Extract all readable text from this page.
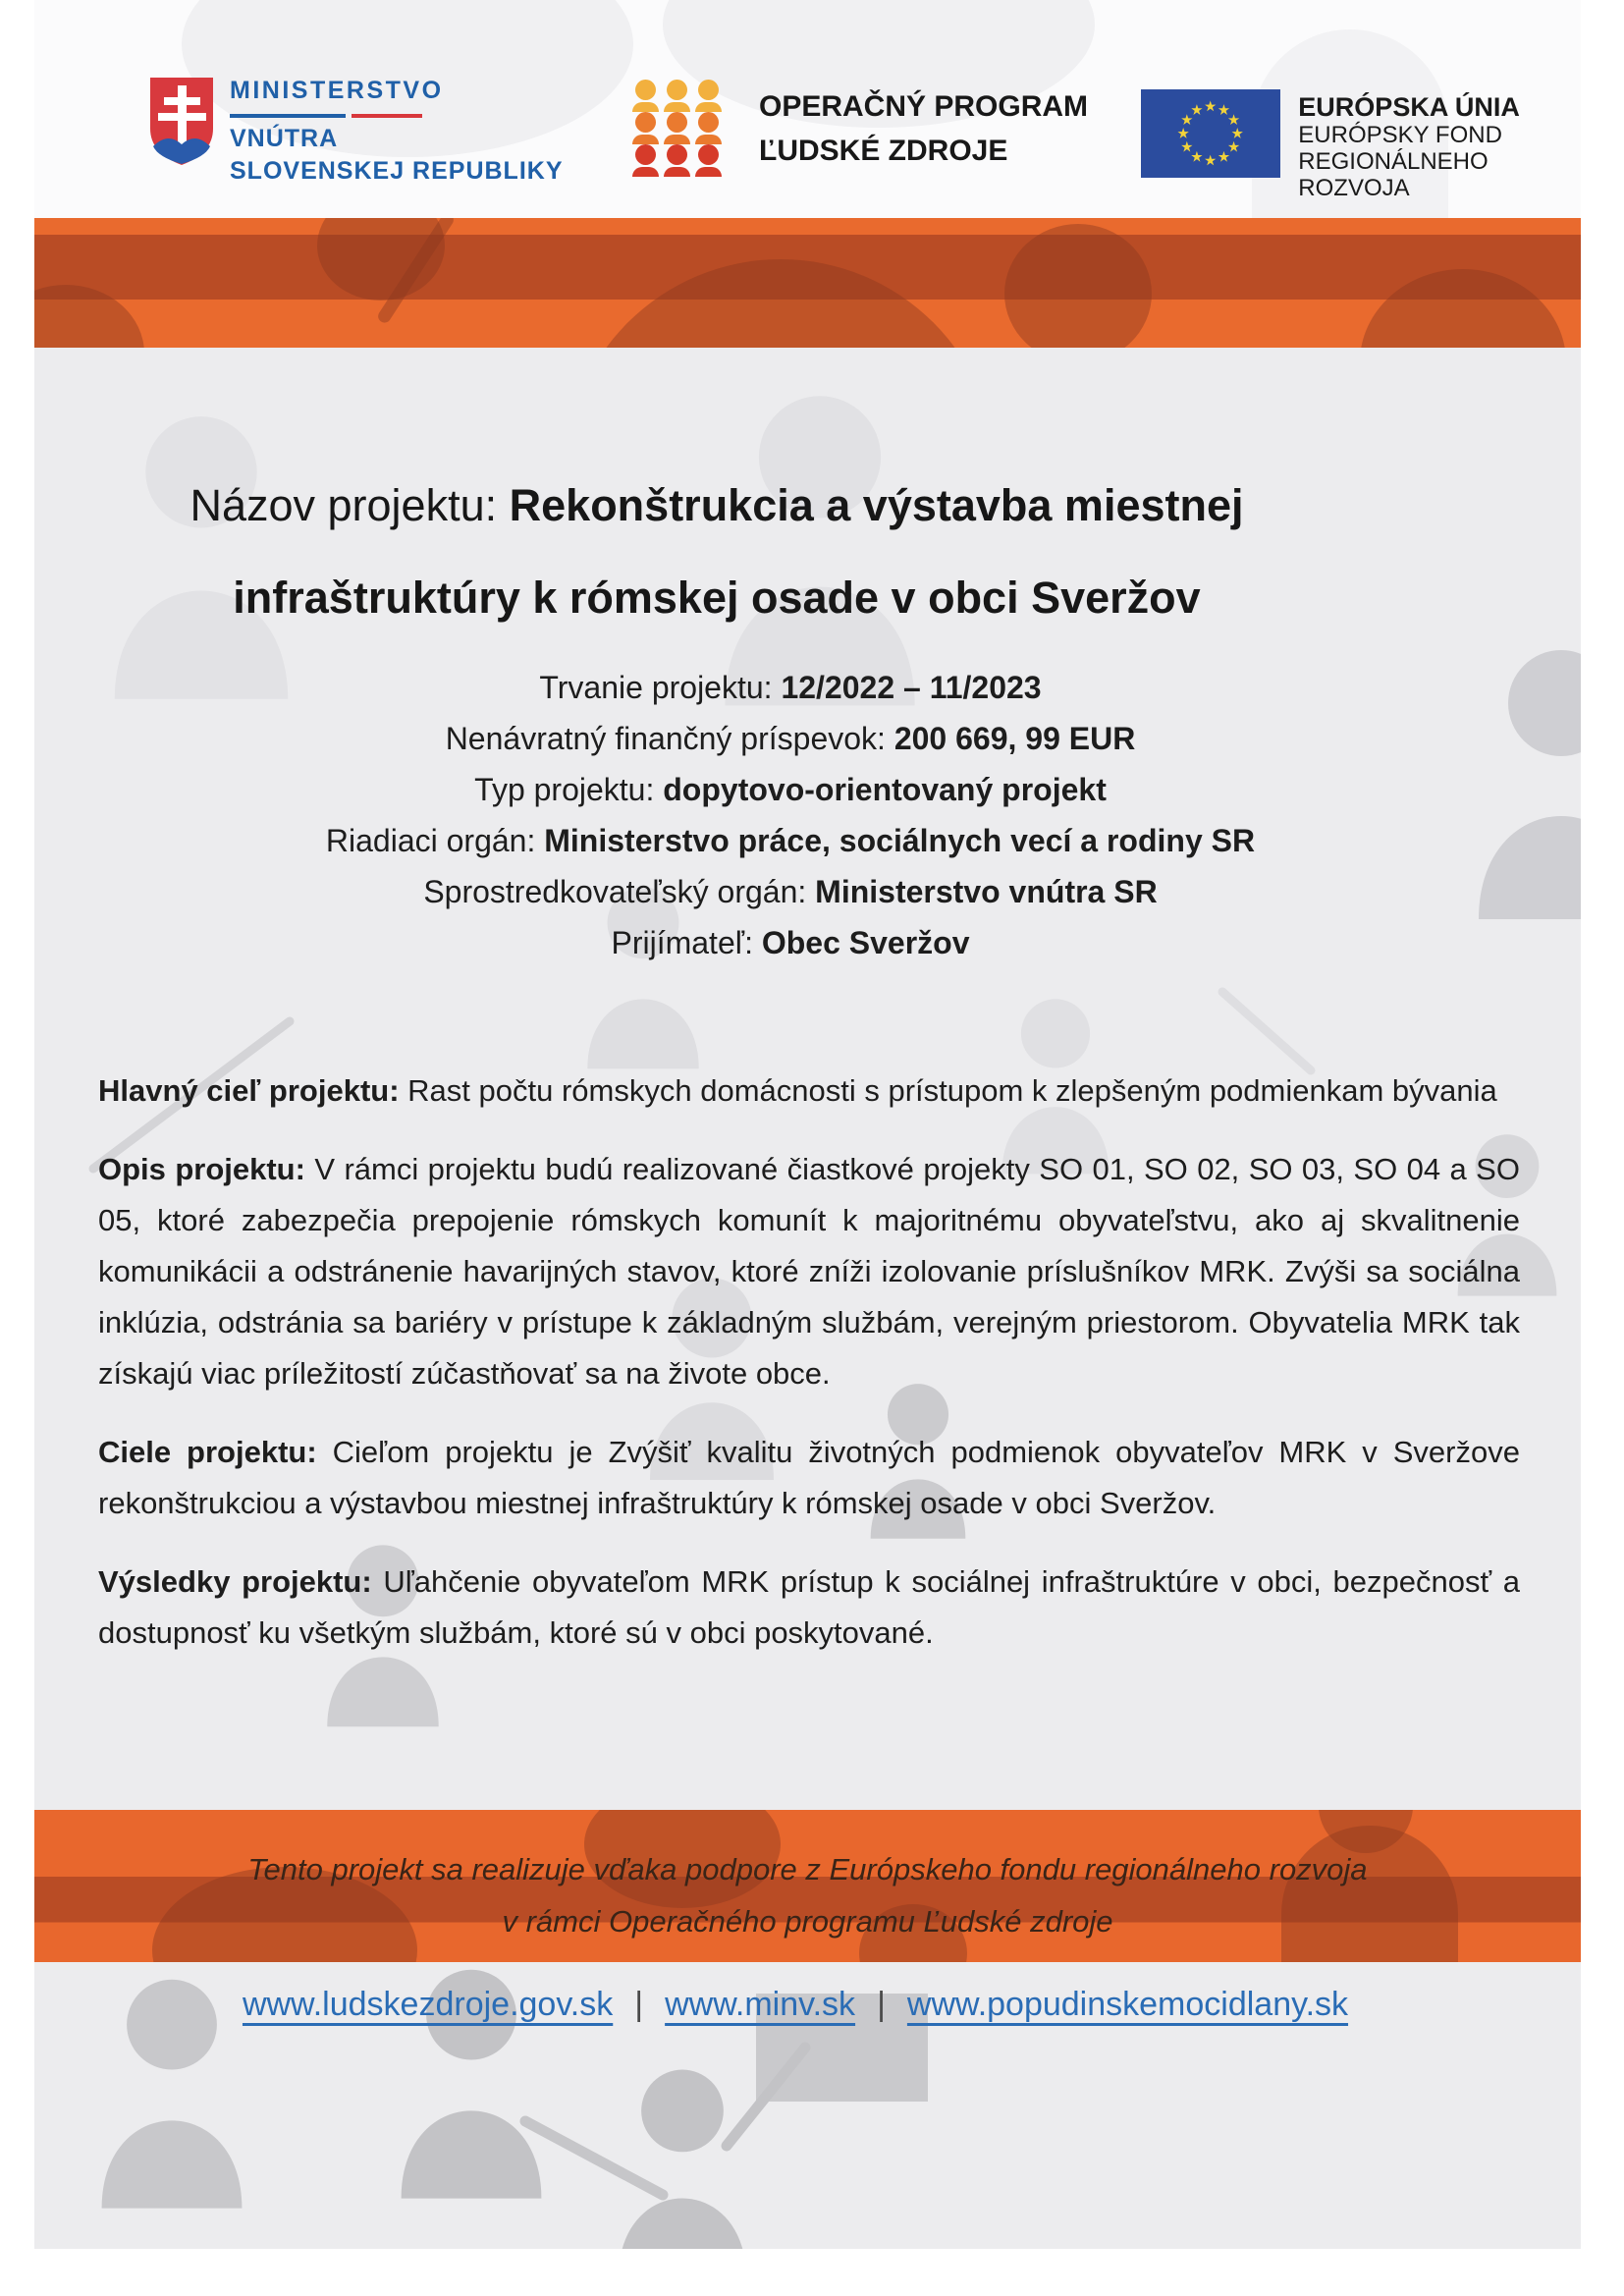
MINISTERSTVO
VNÚTRA
SLOVENSKEJ REPUBLIKY
OPERAČNÝ PROGRAM
ĽUDSKÉ ZDROJE
EURÓPSKA ÚNIA
EURÓPSKY FOND
REGIONÁLNEHO ROZVOJA
Názov projektu: Rekonštrukcia a výstavba miestnej infraštruktúry k rómskej osade v obci Sveržov
Trvanie projektu: 12/2022 – 11/2023
Nenávratný finančný príspevok: 200 669, 99 EUR
Typ projektu: dopytovo-orientovaný projekt
Riadiaci orgán: Ministerstvo práce, sociálnych vecí a rodiny SR
Sprostredkovateľský orgán: Ministerstvo vnútra SR
Prijímateľ: Obec Sveržov

Hlavný cieľ projektu: Rast počtu rómskych domácnosti s prístupom k zlepšeným podmienkam bývania

Opis projektu: V rámci projektu budú realizované čiastkové projekty SO 01, SO 02, SO 03, SO 04 a SO 05, ktoré zabezpečia prepojenie rómskych komunít k majoritnému obyvateľstvu, ako aj skvalitnenie komunikácii a odstránenie havarijných stavov, ktoré zníži izolovanie príslušníkov MRK. Zvýši sa sociálna inklúzia, odstránia sa bariéry v prístupe k základným službám, verejným priestorom. Obyvatelia MRK tak získajú viac príležitostí zúčastňovať sa na živote obce.

Ciele projektu: Cieľom projektu je Zvýšiť kvalitu životných podmienok obyvateľov MRK v Sveržove rekonštrukciou a výstavbou miestnej infraštruktúry k rómskej osade v obci Sveržov.

Výsledky projektu: Uľahčenie obyvateľom MRK prístup k sociálnej infraštruktúre v obci, bezpečnosť a dostupnosť ku všetkým službám, ktoré sú v obci poskytované.

Tento projekt sa realizuje vďaka podpore z Európskeho fondu regionálneho rozvoja
v rámci Operačného programu Ľudské zdroje
www.ludskezdroje.gov.sk | www.minv.sk | www.popudinskemocidlany.sk
